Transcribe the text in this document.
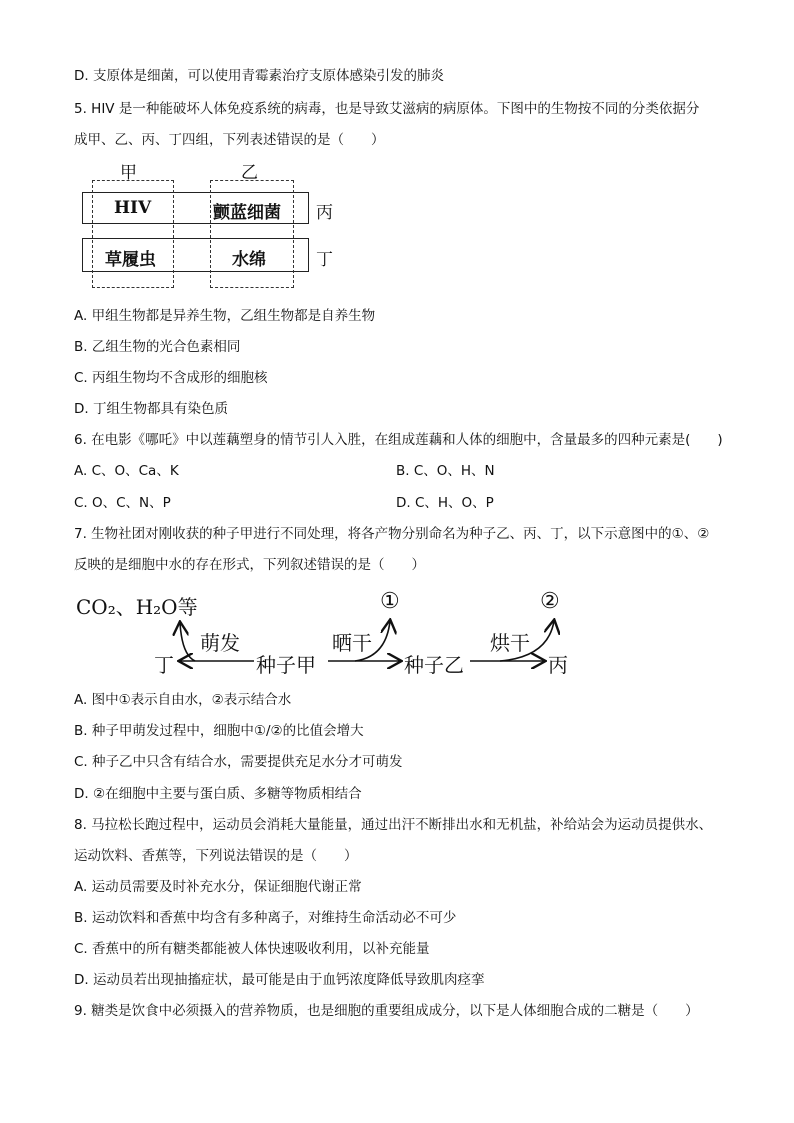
D. 支原体是细菌，可以使用青霉素治疗支原体感染引发的肺炎
5. HIV 是一种能破坏人体免疫系统的病毒，也是导致艾滋病的病原体。下图中的生物按不同的分类依据分
成甲、乙、丙、丁四组，下列表述错误的是（　　）
甲	乙
HIV	颤蓝细菌
草履虫	水绵
丙
丁
A. 甲组生物都是异养生物，乙组生物都是自养生物
B. 乙组生物的光合色素相同
C. 丙组生物均不含成形的细胞核
D. 丁组生物都具有染色质
6. 在电影《哪吒》中以莲藕塑身的情节引人入胜，在组成莲藕和人体的细胞中，含量最多的四种元素是(　　)
A. C、O、Ca、K	B. C、O、H、N
C. O、C、N、P	D. C、H、O、P
7. 生物社团对刚收获的种子甲进行不同处理，将各产物分别命名为种子乙、丙、丁，以下示意图中的①、②
反映的是细胞中水的存在形式，下列叙述错误的是（　　）
CO₂、H₂O等	①	②
萌发	晒干	烘干
丁	种子甲	种子乙	丙
A. 图中①表示自由水，②表示结合水
B. 种子甲萌发过程中，细胞中①/②的比值会增大
C. 种子乙中只含有结合水，需要提供充足水分才可萌发
D. ②在细胞中主要与蛋白质、多糖等物质相结合
8. 马拉松长跑过程中，运动员会消耗大量能量，通过出汗不断排出水和无机盐，补给站会为运动员提供水、
运动饮料、香蕉等，下列说法错误的是（　　）
A. 运动员需要及时补充水分，保证细胞代谢正常
B. 运动饮料和香蕉中均含有多种离子，对维持生命活动必不可少
C. 香蕉中的所有糖类都能被人体快速吸收利用，以补充能量
D. 运动员若出现抽搐症状，最可能是由于血钙浓度降低导致肌肉痉挛
9. 糖类是饮食中必须摄入的营养物质，也是细胞的重要组成成分，以下是人体细胞合成的二糖是（　　）
